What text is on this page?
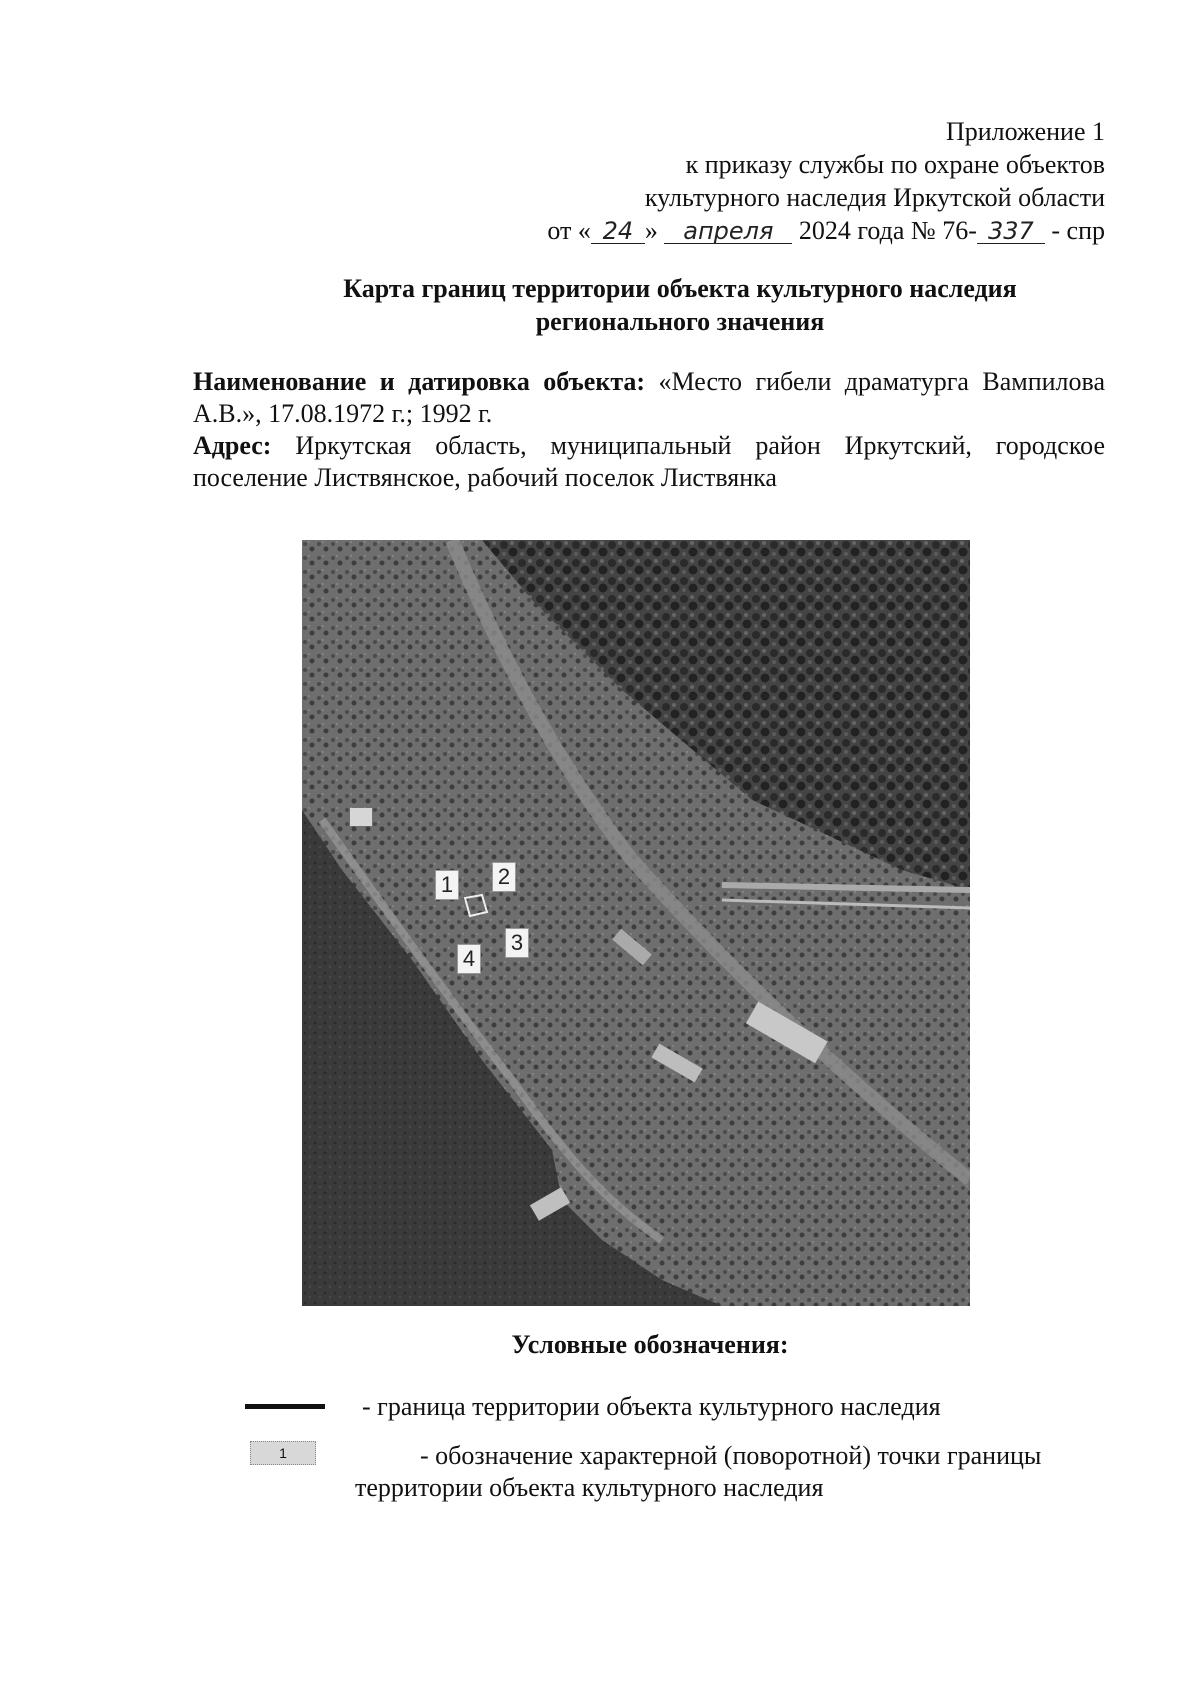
Приложение 1
к приказу службы по охране объектов
культурного наследия Иркутской области
от « 24 » апреля 2024 года № 76- 337 - спр
Карта границ территории объекта культурного наследия
регионального значения
Наименование и датировка объекта: «Место гибели драматурга Вампилова А.В.», 17.08.1972 г.; 1992 г.
Адрес: Иркутская область, муниципальный район Иркутский, городское поселение Листвянское, рабочий поселок Листвянка
1 2
3
4
Условные обозначения:
- граница территории объекта культурного наследия
1	- обозначение характерной (поворотной) точки границы территории объекта культурного наследия
